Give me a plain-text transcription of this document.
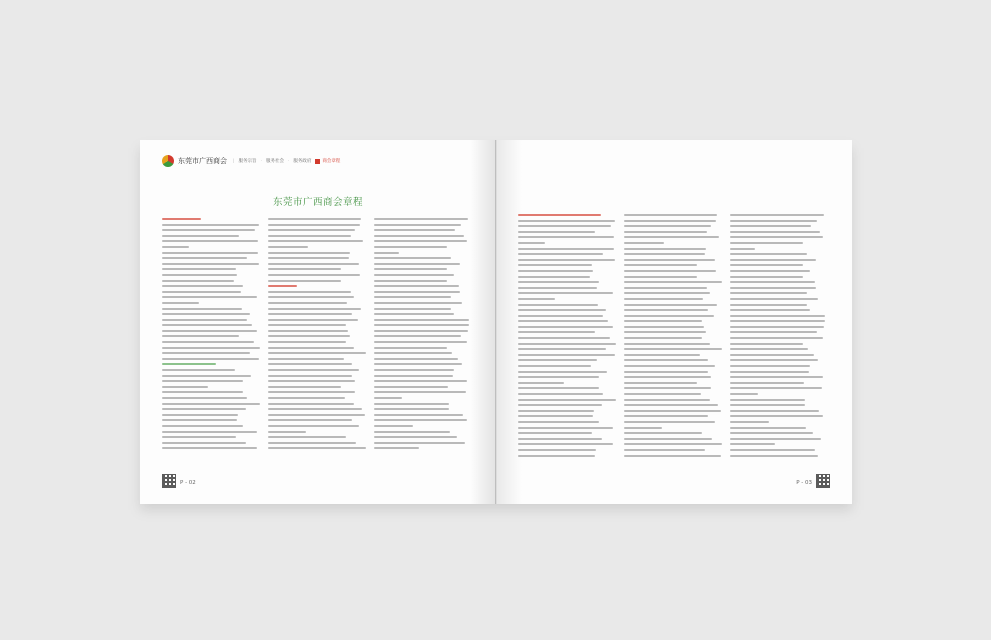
东莞市广西商会 | 服务宗旨 · 服务社会 · 服务政府 商会章程
东莞市广西商会章程
P - 02	P - 03
